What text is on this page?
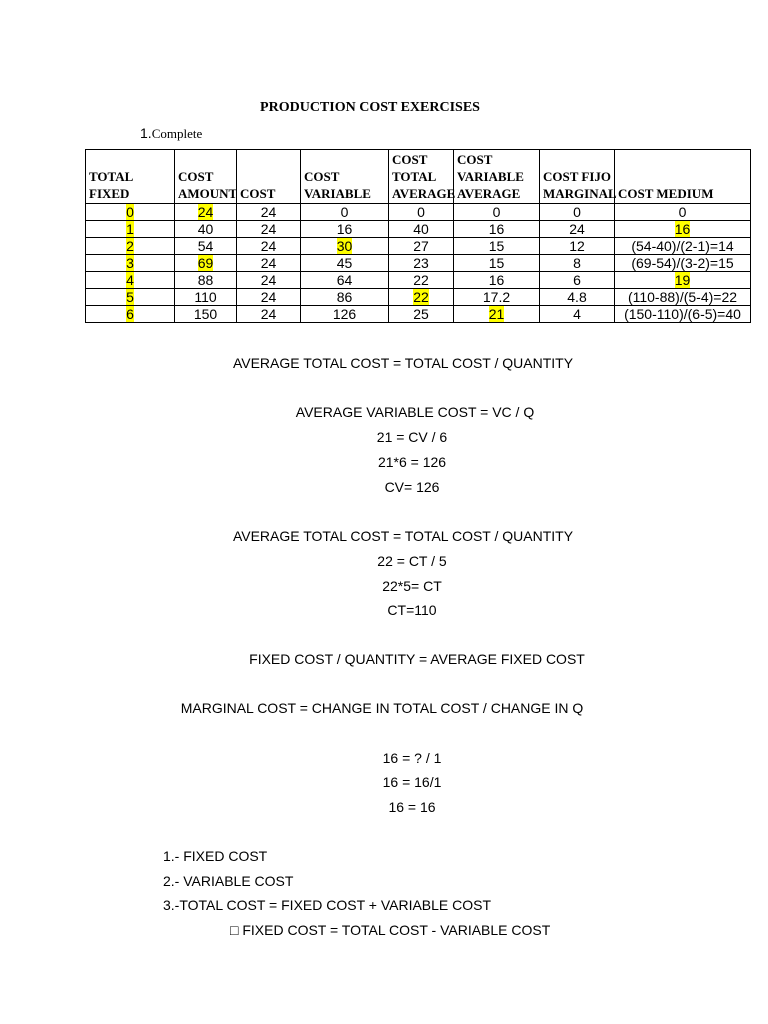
PRODUCTION COST EXERCISES
1.Complete
TOTAL FIXED	COST AMOUNT	COST	COST VARIABLE	COST TOTAL AVERAGE	COST VARIABLE AVERAGE	COST FIJO MARGINAL	COST MEDIUM
0	24	24	0	0	0	0	0
1	40	24	16	40	16	24	16
2	54	24	30	27	15	12	(54-40)/(2-1)=14
3	69	24	45	23	15	8	(69-54)/(3-2)=15
4	88	24	64	22	16	6	19
5	110	24	86	22	17.2	4.8	(110-88)/(5-4)=22
6	150	24	126	25	21	4	(150-110)/(6-5)=40
AVERAGE TOTAL COST = TOTAL COST / QUANTITY
AVERAGE VARIABLE COST = VC / Q
21 = CV / 6
21*6 = 126
CV= 126
AVERAGE TOTAL COST = TOTAL COST / QUANTITY
22 = CT / 5
22*5= CT
CT=110
FIXED COST / QUANTITY = AVERAGE FIXED COST
MARGINAL COST = CHANGE IN TOTAL COST / CHANGE IN Q
16 = ? / 1
16 = 16/1
16 = 16
1.- FIXED COST
2.- VARIABLE COST
3.-TOTAL COST = FIXED COST + VARIABLE COST
□ FIXED COST = TOTAL COST - VARIABLE COST
